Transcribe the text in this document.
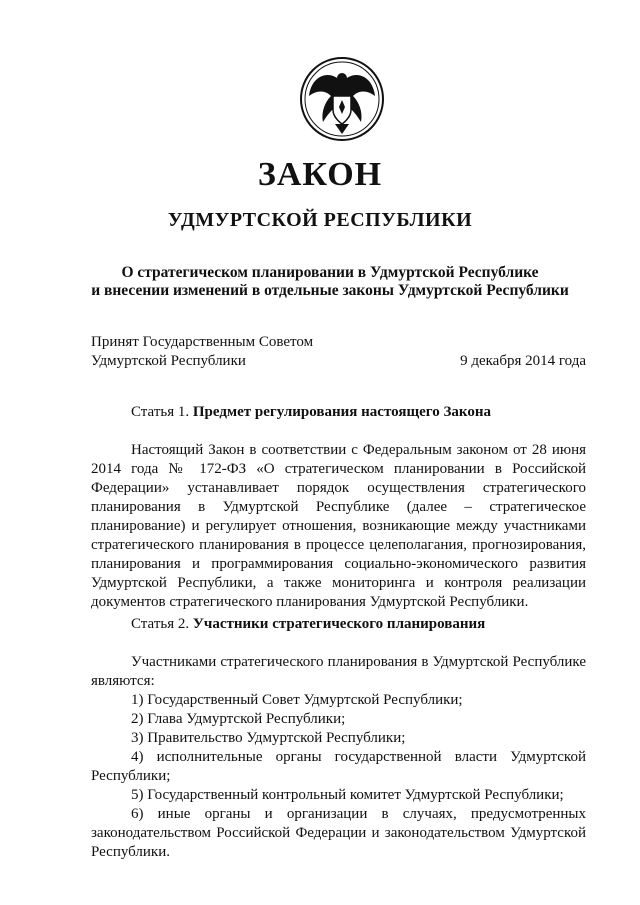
ЗАКОН
УДМУРТСКОЙ РЕСПУБЛИКИ
О стратегическом планировании в Удмуртской Республике
и внесении изменений в отдельные законы Удмуртской Республики
Принят Государственным Советом
Удмуртской Республики	9 декабря 2014 года
Статья 1. Предмет регулирования настоящего Закона
Настоящий Закон в соответствии с Федеральным законом от 28 июня
2014 года № 172-ФЗ «О стратегическом планировании в Российской
Федерации» устанавливает порядок осуществления стратегического
планирования в Удмуртской Республике (далее – стратегическое
планирование) и регулирует отношения, возникающие между участниками
стратегического планирования в процессе целеполагания, прогнозирования,
планирования и программирования социально-экономического развития
Удмуртской Республики, а также мониторинга и контроля реализации
документов стратегического планирования Удмуртской Республики.
Статья 2. Участники стратегического планирования
Участниками стратегического планирования в Удмуртской Республике
являются:
1) Государственный Совет Удмуртской Республики;
2) Глава Удмуртской Республики;
3) Правительство Удмуртской Республики;
4) исполнительные органы государственной власти Удмуртской
Республики;
5) Государственный контрольный комитет Удмуртской Республики;
6) иные органы и организации в случаях, предусмотренных
законодательством Российской Федерации и законодательством Удмуртской
Республики.
